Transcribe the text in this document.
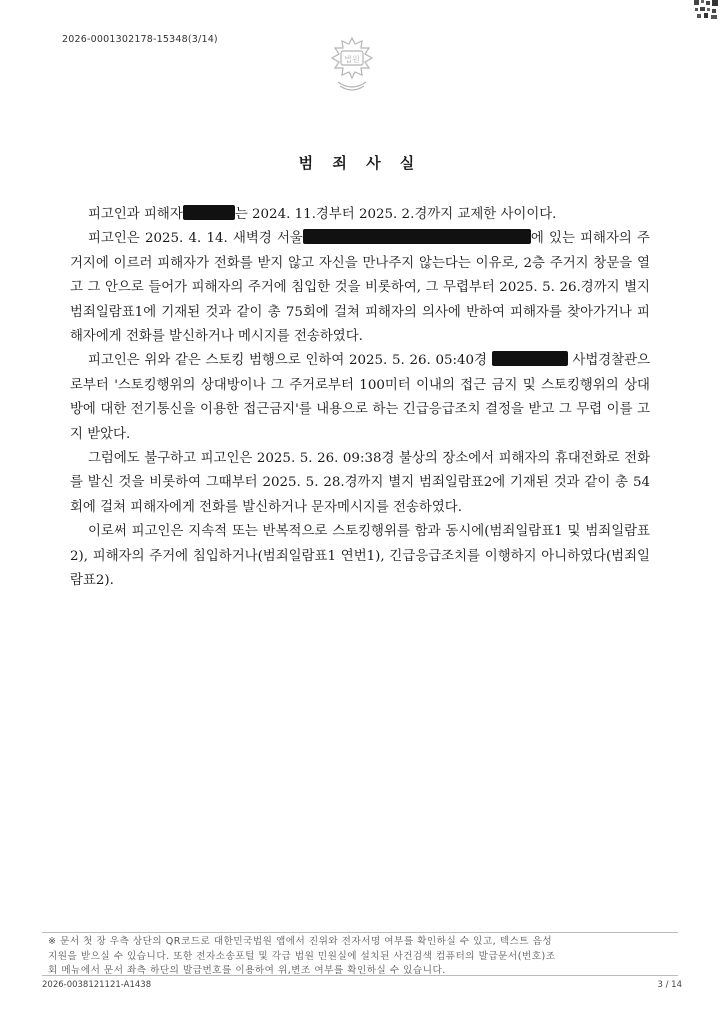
2026-0001302178-15348(3/14)
법원
범 죄 사 실

피고인과 피해자	는 2024. 11.경부터 2025. 2.경까지 교제한 사이이다.

피고인은 2025. 4. 14. 새벽경 서울	에 있는 피해자의 주거지에 이르러 피해자가 전화를 받지 않고 자신을 만나주지 않는다는 이유로, 2층 주거지 창문을 열고 그 안으로 들어가 피해자의 주거에 침입한 것을 비롯하여, 그 무렵부터 2025. 5. 26.경까지 별지 범죄일람표1에 기재된 것과 같이 총 75회에 걸쳐 피해자의 의사에 반하여 피해자를 찾아가거나 피해자에게 전화를 발신하거나 메시지를 전송하였다.

피고인은 위와 같은 스토킹 범행으로 인하여 2025. 5. 26. 05:40경	사법경찰관으로부터 '스토킹행위의 상대방이나 그 주거로부터 100미터 이내의 접근 금지 및 스토킹행위의 상대방에 대한 전기통신을 이용한 접근금지'를 내용으로 하는 긴급응급조치 결정을 받고 그 무렵 이를 고지 받았다.

그럼에도 불구하고 피고인은 2025. 5. 26. 09:38경 불상의 장소에서 피해자의 휴대전화로 전화를 발신 것을 비롯하여 그때부터 2025. 5. 28.경까지 별지 범죄일람표2에 기재된 것과 같이 총 54회에 걸쳐 피해자에게 전화를 발신하거나 문자메시지를 전송하였다.

이로써 피고인은 지속적 또는 반복적으로 스토킹행위를 함과 동시에(범죄일람표1 및 범죄일람표2), 피해자의 주거에 침입하거나(범죄일람표1 연번1), 긴급응급조치를 이행하지 아니하였다(범죄일람표2).

※ 문서 첫 장 우측 상단의 QR코드로 대한민국법원 앱에서 진위와 전자서명 여부를 확인하실 수 있고, 텍스트 음성
지원을 받으실 수 있습니다. 또한 전자소송포털 및 각급 법원 민원실에 설치된 사건검색 컴퓨터의 발급문서(번호)조
회 메뉴에서 문서 좌측 하단의 발급번호를 이용하여 위,변조 여부를 확인하실 수 있습니다.
2026-0038121121-A1438	3 / 14
